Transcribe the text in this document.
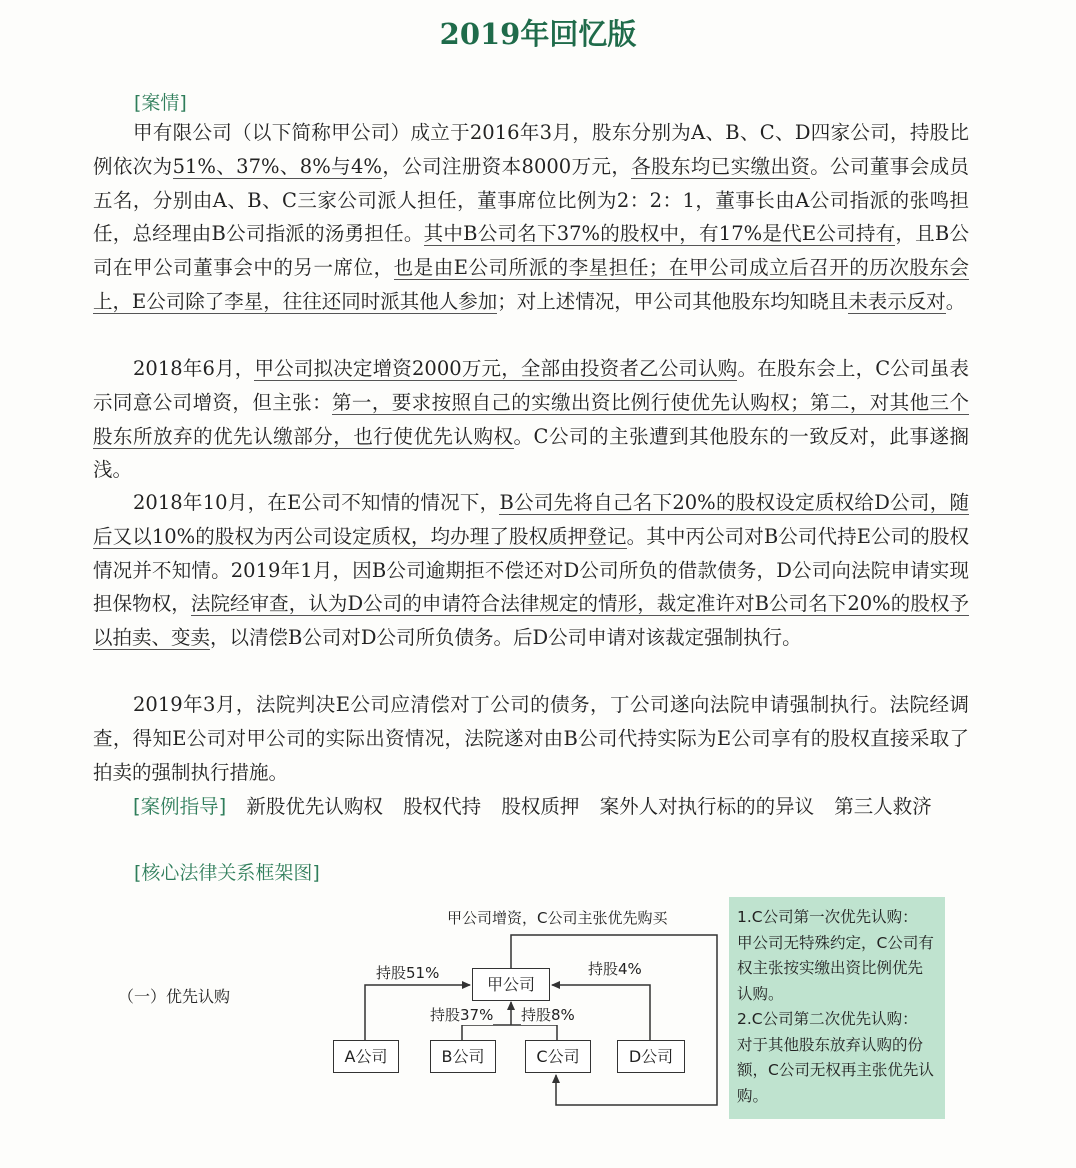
2019年回忆版
[案情]

甲有限公司（以下简称甲公司）成立于2016年3月，股东分别为A、B、C、D四家公司，持股比例依次为51%、37%、8%与4%，公司注册资本8000万元，各股东均已实缴出资。公司董事会成员五名，分别由A、B、C三家公司派人担任，董事席位比例为2：2：1，董事长由A公司指派的张鸣担任，总经理由B公司指派的汤勇担任。其中B公司名下37%的股权中，有17%是代E公司持有，且B公司在甲公司董事会中的另一席位，也是由E公司所派的李星担任；在甲公司成立后召开的历次股东会上，E公司除了李星，往往还同时派其他人参加；对上述情况，甲公司其他股东均知晓且未表示反对。

2018年6月，甲公司拟决定增资2000万元，全部由投资者乙公司认购。在股东会上，C公司虽表示同意公司增资，但主张：第一，要求按照自己的实缴出资比例行使优先认购权；第二，对其他三个股东所放弃的优先认缴部分，也行使优先认购权。C公司的主张遭到其他股东的一致反对，此事遂搁浅。

2018年10月，在E公司不知情的情况下，B公司先将自己名下20%的股权设定质权给D公司，随后又以10%的股权为丙公司设定质权，均办理了股权质押登记。其中丙公司对B公司代持E公司的股权情况并不知情。2019年1月，因B公司逾期拒不偿还对D公司所负的借款债务，D公司向法院申请实现担保物权，法院经审查，认为D公司的申请符合法律规定的情形，裁定准许对B公司名下20%的股权予以拍卖、变卖，以清偿B公司对D公司所负债务。后D公司申请对该裁定强制执行。

2019年3月，法院判决E公司应清偿对丁公司的债务，丁公司遂向法院申请强制执行。法院经调查，得知E公司对甲公司的实际出资情况，法院遂对由B公司代持实际为E公司享有的股权直接采取了拍卖的强制执行措施。

[案例指导] 新股优先认购权 股权代持 股权质押 案外人对执行标的的异议 第三人救济
[核心法律关系框架图]
（一）优先认购
甲公司增资，C公司主张优先购买
持股51%	持股4%
持股37% 持股8%
甲公司
A公司	B公司	C公司	D公司

1.C公司第一次优先认购：

甲公司无特殊约定，C公司有权主张按实缴出资比例优先认购。

2.C公司第二次优先认购：

对于其他股东放弃认购的份额，C公司无权再主张优先认购。
